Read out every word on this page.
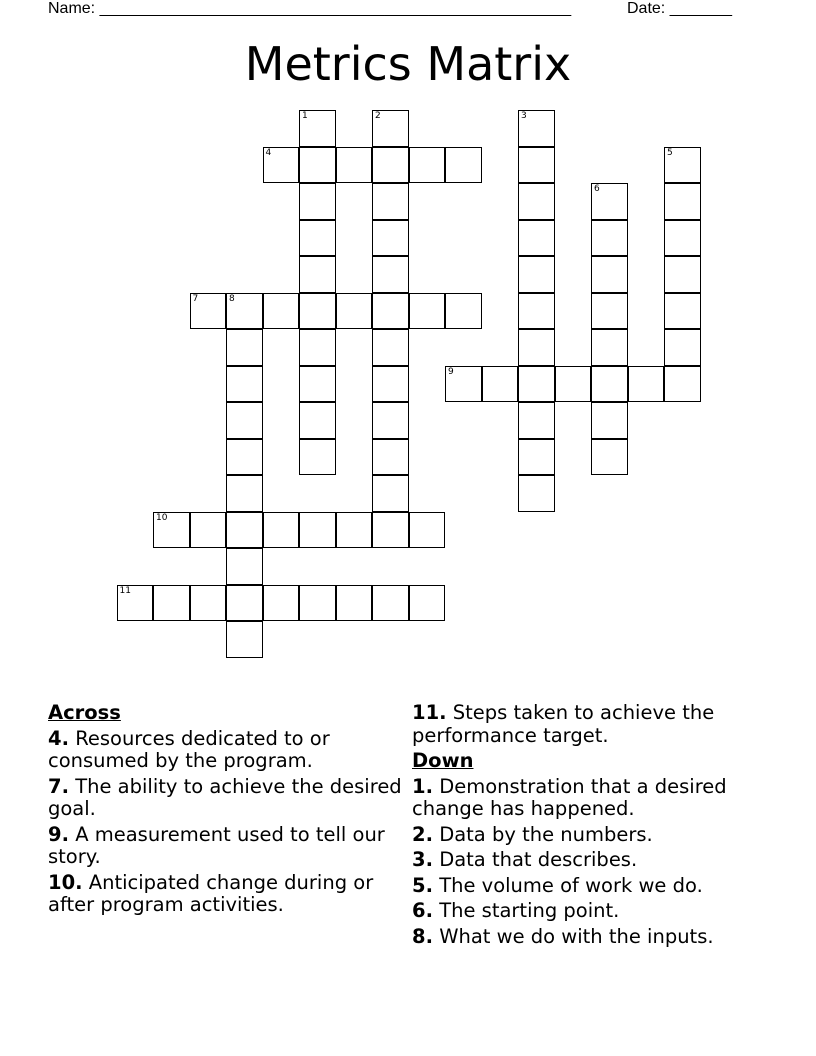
Name: _____________________________________________________	Date: _______
Metrics Matrix
1	2	3
4	5
6
7	8
9
10
11
Across
4. Resources dedicated to or consumed by the program.
7. The ability to achieve the desired goal.
9. A measurement used to tell our story.
10. Anticipated change during or after program activities.
11. Steps taken to achieve the performance target.
Down
1. Demonstration that a desired change has happened.
2. Data by the numbers.
3. Data that describes.
5. The volume of work we do.
6. The starting point.
8. What we do with the inputs.
